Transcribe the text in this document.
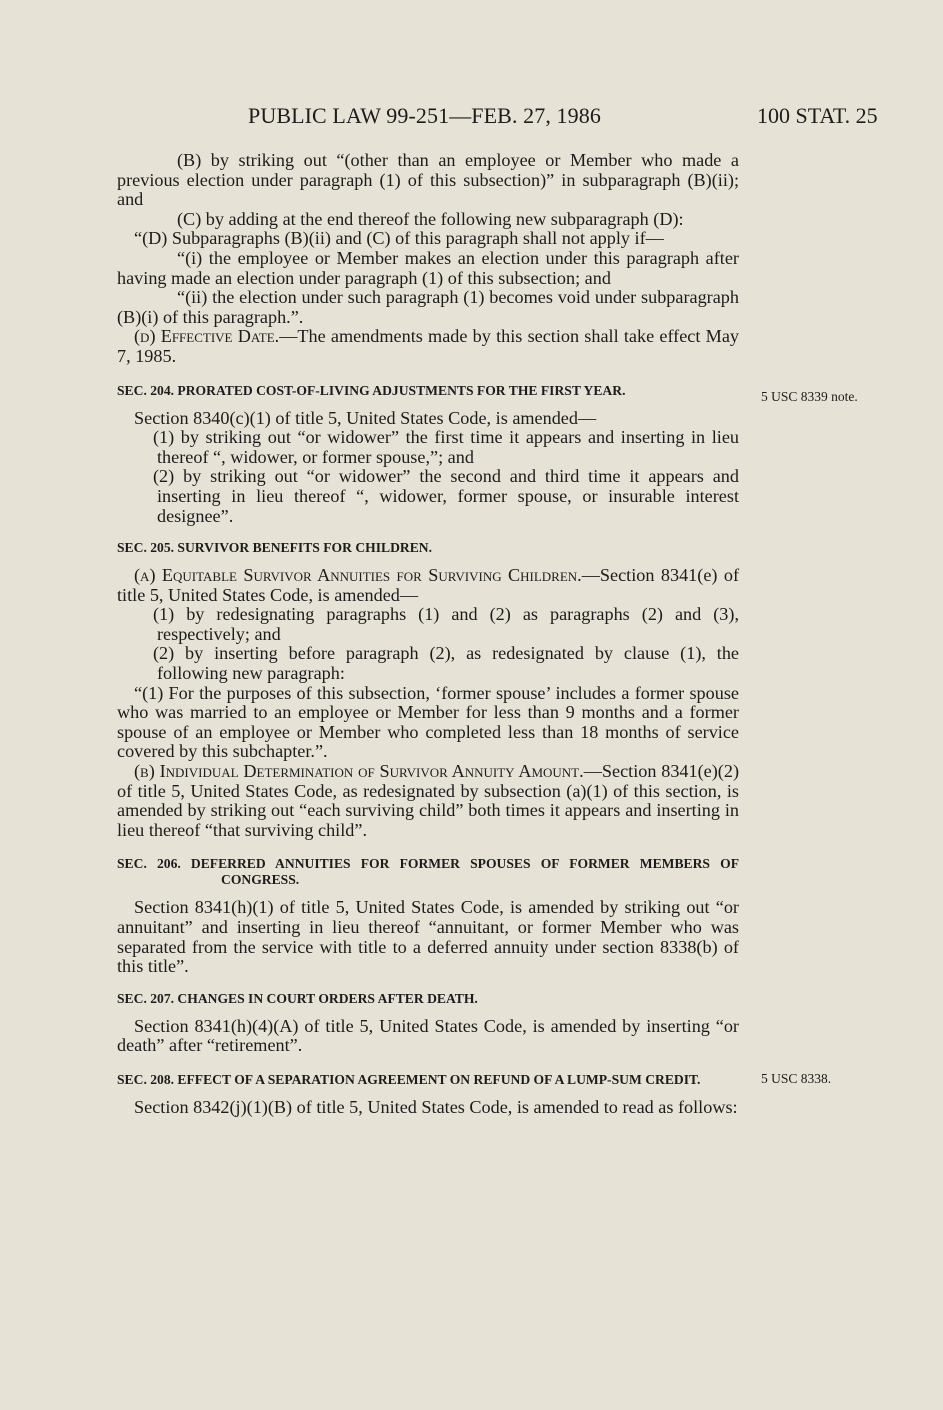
PUBLIC LAW 99-251—FEB. 27, 1986	100 STAT. 25
5 USC 8339 note.
5 USC 8338.

(B) by striking out “(other than an employee or Member who made a previous election under paragraph (1) of this subsection)” in subparagraph (B)(ii); and

(C) by adding at the end thereof the following new subparagraph (D):

“(D) Subparagraphs (B)(ii) and (C) of this paragraph shall not apply if—

“(i) the employee or Member makes an election under this paragraph after having made an election under paragraph (1) of this subsection; and

“(ii) the election under such paragraph (1) becomes void under subparagraph (B)(i) of this paragraph.”.

(d) Effective Date.—The amendments made by this section shall take effect May 7, 1985.

SEC. 204. PRORATED COST-OF-LIVING ADJUSTMENTS FOR THE FIRST YEAR.

Section 8340(c)(1) of title 5, United States Code, is amended—

(1) by striking out “or widower” the first time it appears and inserting in lieu thereof “, widower, or former spouse,”; and

(2) by striking out “or widower” the second and third time it appears and inserting in lieu thereof “, widower, former spouse, or insurable interest designee”.

SEC. 205. SURVIVOR BENEFITS FOR CHILDREN.

(a) Equitable Survivor Annuities for Surviving Children.—Section 8341(e) of title 5, United States Code, is amended—

(1) by redesignating paragraphs (1) and (2) as paragraphs (2) and (3), respectively; and

(2) by inserting before paragraph (2), as redesignated by clause (1), the following new paragraph:

“(1) For the purposes of this subsection, ‘former spouse’ includes a former spouse who was married to an employee or Member for less than 9 months and a former spouse of an employee or Member who completed less than 18 months of service covered by this subchapter.”.

(b) Individual Determination of Survivor Annuity Amount.—Section 8341(e)(2) of title 5, United States Code, as redesignated by subsection (a)(1) of this section, is amended by striking out “each surviving child” both times it appears and inserting in lieu thereof “that surviving child”.

SEC. 206. DEFERRED ANNUITIES FOR FORMER SPOUSES OF FORMER MEMBERS OF CONGRESS.

Section 8341(h)(1) of title 5, United States Code, is amended by striking out “or annuitant” and inserting in lieu thereof “annuitant, or former Member who was separated from the service with title to a deferred annuity under section 8338(b) of this title”.

SEC. 207. CHANGES IN COURT ORDERS AFTER DEATH.

Section 8341(h)(4)(A) of title 5, United States Code, is amended by inserting “or death” after “retirement”.

SEC. 208. EFFECT OF A SEPARATION AGREEMENT ON REFUND OF A LUMP-SUM CREDIT.

Section 8342(j)(1)(B) of title 5, United States Code, is amended to read as follows:
